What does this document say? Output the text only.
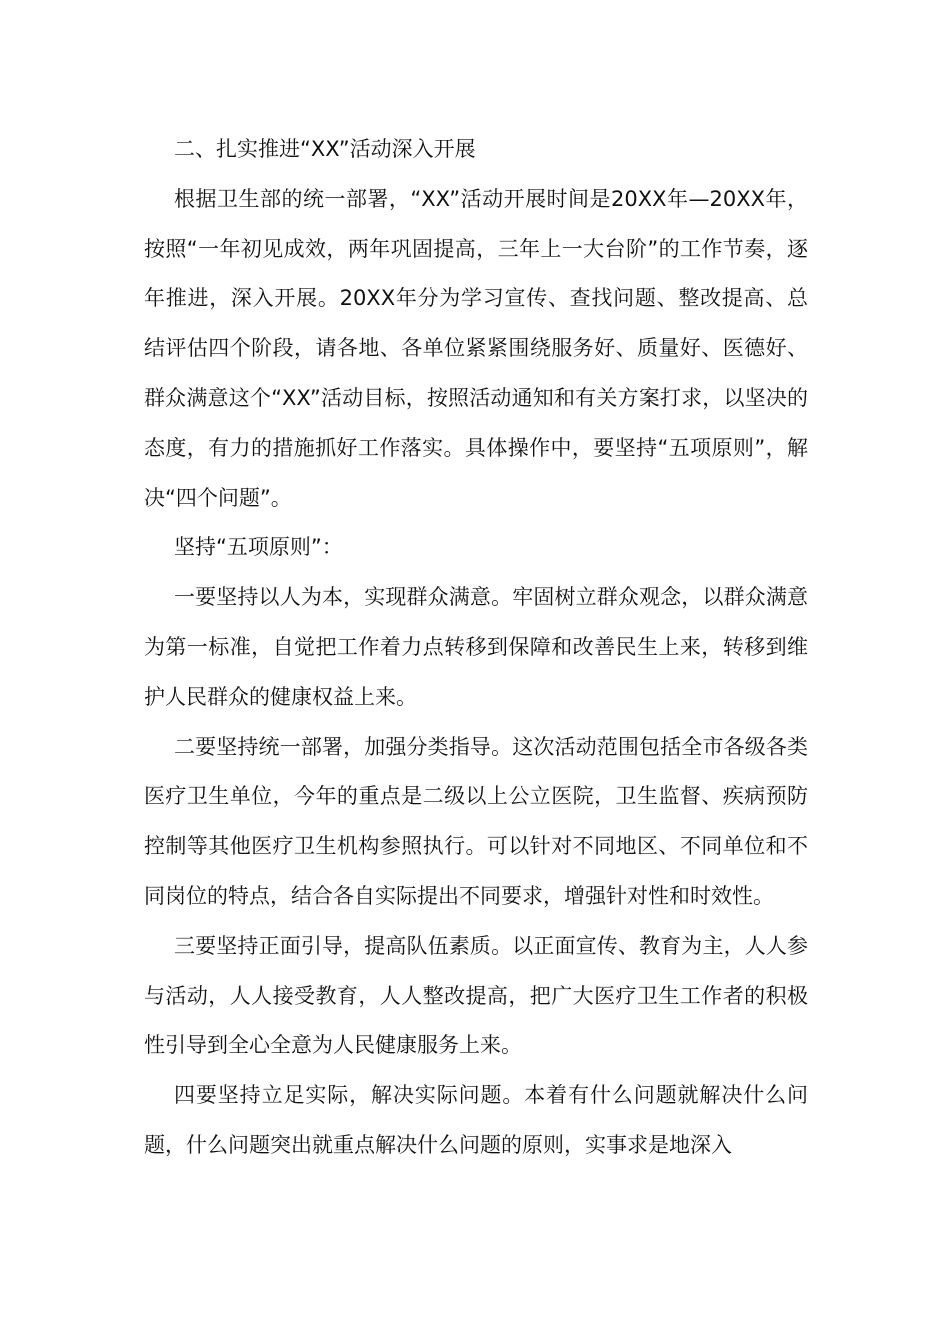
二、扎实推进“XX”活动深入开展

根据卫生部的统一部署，“XX”活动开展时间是20XX年—20XX年，按照“一年初见成效，两年巩固提高，三年上一大台阶”的工作节奏，逐年推进，深入开展。20XX年分为学习宣传、查找问题、整改提高、总结评估四个阶段，请各地、各单位紧紧围绕服务好、质量好、医德好、群众满意这个“XX”活动目标，按照活动通知和有关方案打求，以坚决的态度，有力的措施抓好工作落实。具体操作中，要坚持“五项原则”，解决“四个问题”。

坚持“五项原则”：

一要坚持以人为本，实现群众满意。牢固树立群众观念，以群众满意为第一标准，自觉把工作着力点转移到保障和改善民生上来，转移到维护人民群众的健康权益上来。

二要坚持统一部署，加强分类指导。这次活动范围包括全市各级各类医疗卫生单位，今年的重点是二级以上公立医院，卫生监督、疾病预防控制等其他医疗卫生机构参照执行。可以针对不同地区、不同单位和不同岗位的特点，结合各自实际提出不同要求，增强针对性和时效性。

三要坚持正面引导，提高队伍素质。以正面宣传、教育为主，人人参与活动，人人接受教育，人人整改提高，把广大医疗卫生工作者的积极性引导到全心全意为人民健康服务上来。

四要坚持立足实际，解决实际问题。本着有什么问题就解决什么问题，什么问题突出就重点解决什么问题的原则，实事求是地深入
